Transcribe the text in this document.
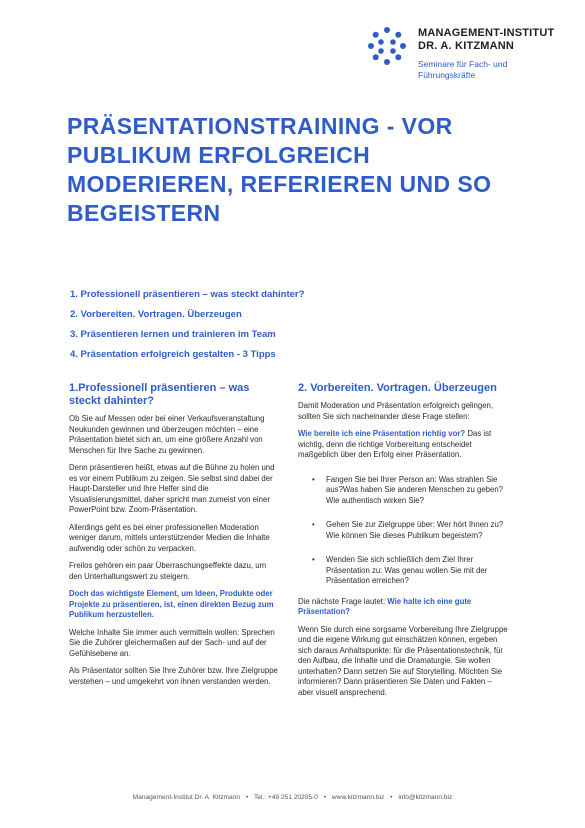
MANAGEMENT-INSTITUT
DR. A. KITZMANN
Seminare für Fach- und Führungskräfte
PRÄSENTATIONSTRAINING - VOR PUBLIKUM ERFOLGREICH MODERIEREN, REFERIEREN UND SO BEGEISTERN
1. Professionell präsentieren – was steckt dahinter?
2. Vorbereiten. Vortragen. Überzeugen
3. Präsentieren lernen und trainieren im Team
4. Präsentation erfolgreich gestalten - 3 Tipps
1.Professionell präsentieren – was steckt dahinter?

Ob Sie auf Messen oder bei einer Verkaufsveranstaltung Neukunden gewinnen und überzeugen möchten – eine Präsentation bietet sich an, um eine größere Anzahl von Menschen für Ihre Sache zu gewinnen.

Denn präsentieren heißt, etwas auf die Bühne zu holen und es vor einem Publikum zu zeigen. Sie selbst sind dabei der Haupt-Darsteller und Ihre Helfer sind die Visualisierungsmittel, daher spricht man zumeist von einer PowerPoint bzw. Zoom-Präsentation.

Allerdings geht es bei einer professionellen Moderation weniger darum, mittels unterstützender Medien die Inhalte aufwendig oder schön zu verpacken.

Freilos gehören ein paar Überraschungseffekte dazu, um den Unterhaltungswert zu steigern.

Doch das wichtigste Element, um Ideen, Produkte oder Projekte zu präsentieren, ist, einen direkten Bezug zum Publikum herzustellen.

Welche Inhalte Sie immer auch vermitteln wollen: Sprechen Sie die Zuhörer gleichermaßen auf der Sach- und auf der Gefühlsebene an.

Als Präsentator sollten Sie Ihre Zuhörer bzw. Ihre Zielgruppe verstehen – und umgekehrt von ihnen verstanden werden.

2. Vorbereiten. Vortragen. Überzeugen

Damit Moderation und Präsentation erfolgreich gelingen, sollten Sie sich nacheinander diese Frage stellen:

Wie bereite ich eine Präsentation richtig vor? Das ist wichtig, denn die richtige Vorbereitung entscheidet maßgeblich über den Erfolg einer Präsentation.

• Fangen Sie bei Ihrer Person an: Was strahlen Sie aus?Was haben Sie anderen Menschen zu geben? Wie authentisch wirken Sie?
• Gehen Sie zur Zielgruppe über: Wer hört Ihnen zu? Wie können Sie dieses Publikum begeistern?
• Wenden Sie sich schließlich dem Ziel Ihrer Präsentation zu: Was genau wollen Sie mit der Präsentation erreichen?

Die nächste Frage lautet: Wie halte ich eine gute Präsentation?

Wenn Sie durch eine sorgsame Vorbereitung Ihre Zielgruppe und die eigene Wirkung gut einschätzen können, ergeben sich daraus Anhaltspunkte: für die Präsentationstechnik, für den Aufbau, die Inhalte und die Dramaturgie. Sie wollen unterhalten? Dann setzen Sie auf Storytelling. Möchten Sie informieren? Dann präsentieren Sie Daten und Fakten – aber visuell ansprechend.

Management-Institut Dr. A. Kitzmann • Tel.: +49 251 20205-0 • www.kitzmann.biz • info@kitzmann.biz
